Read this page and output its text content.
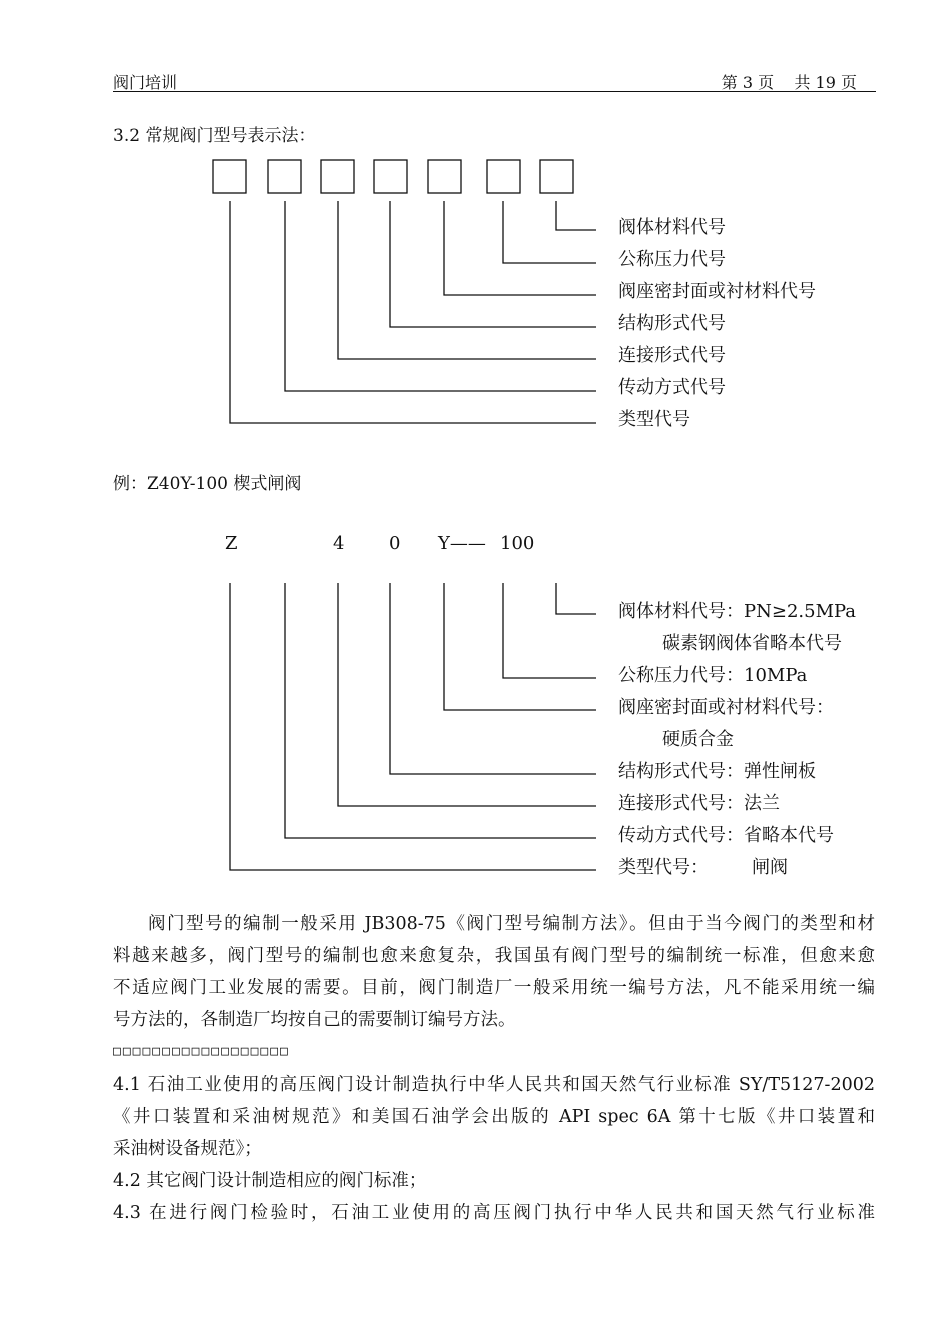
阀门培训	第 3 页    共 19 页
3.2 常规阀门型号表示法：
阀体材料代号
公称压力代号
阀座密封面或衬材料代号
结构形式代号
连接形式代号
传动方式代号
类型代号
例：Z40Y-100 楔式闸阀
Z	4 0 Y—— 100
阀体材料代号：PN≥2.5MPa
碳素钢阀体省略本代号
公称压力代号：10MPa
阀座密封面或衬材料代号：
硬质合金
结构形式代号：弹性闸板
连接形式代号：法兰
传动方式代号：省略本代号
类型代号： 闸阀

阀门型号的编制一般采用 JB308-75《阀门型号编制方法》。但由于当今阀门的类型和材

料越来越多，阀门型号的编制也愈来愈复杂，我国虽有阀门型号的编制统一标准，但愈来愈

不适应阀门工业发展的需要。目前，阀门制造厂一般采用统一编号方法，凡不能采用统一编

号方法的，各制造厂均按自己的需要制订编号方法。

□□□□□□□□□□□□□□□□□□

4.1 石油工业使用的高压阀门设计制造执行中华人民共和国天然气行业标准 SY/T5127-2002

《井口装置和采油树规范》和美国石油学会出版的 API spec 6A 第十七版《井口装置和

采油树设备规范》；

4.2 其它阀门设计制造相应的阀门标准；

4.3 在进行阀门检验时，石油工业使用的高压阀门执行中华人民共和国天然气行业标准
